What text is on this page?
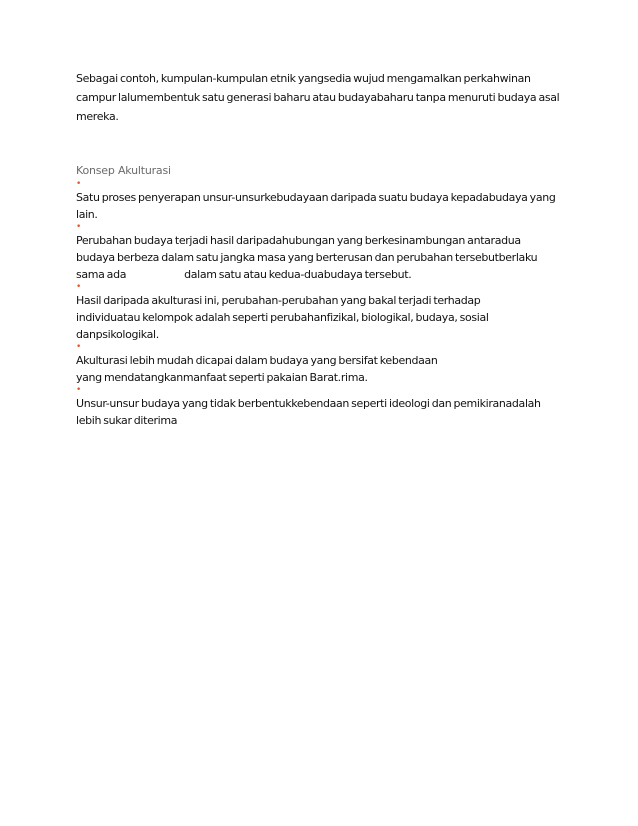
Sebagai contoh, kumpulan-kumpulan etnik yangsedia wujud mengamalkan perkahwinan
campur lalumembentuk satu generasi baharu atau budayabaharu tanpa menuruti budaya asal
mereka.
Konsep Akulturasi
•
Satu proses penyerapan unsur-unsurkebudayaan daripada suatu budaya kepadabudaya yang
lain.
•
Perubahan budaya terjadi hasil daripadahubungan yang berkesinambungan antaradua
budaya berbeza dalam satu jangka masa yang berterusan dan perubahan tersebutberlaku
sama ada	dalam satu atau kedua-duabudaya tersebut.
•
Hasil daripada akulturasi ini, perubahan-perubahan yang bakal terjadi terhadap
individuatau kelompok adalah seperti perubahanfizikal, biologikal, budaya, sosial
danpsikologikal.
•
Akulturasi lebih mudah dicapai dalam budaya yang bersifat kebendaan
yang mendatangkanmanfaat seperti pakaian Barat.rima.
•
Unsur-unsur budaya yang tidak berbentukkebendaan seperti ideologi dan pemikiranadalah
lebih sukar diterima
